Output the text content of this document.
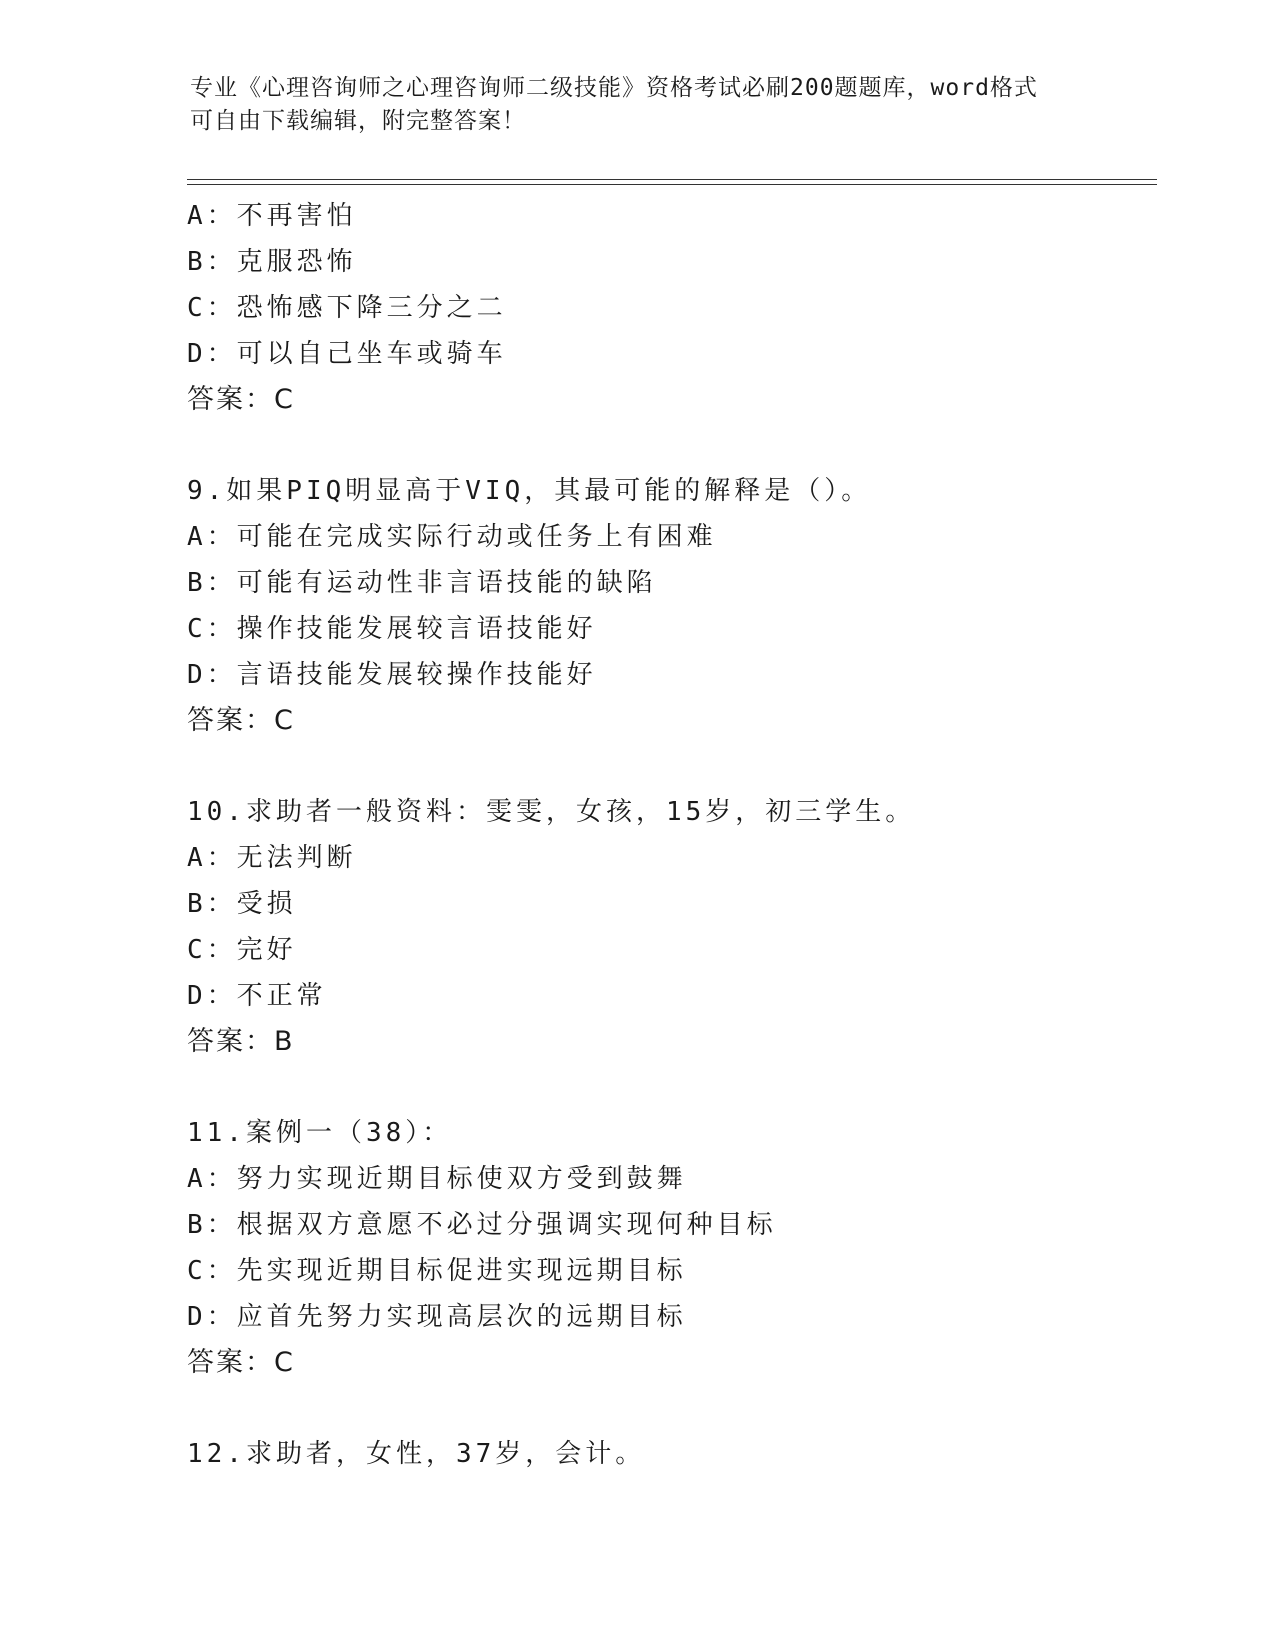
专业《心理咨询师之心理咨询师二级技能》资格考试必刷200题题库，word格式
可自由下载编辑，附完整答案！
A：不再害怕
B：克服恐怖
C：恐怖感下降三分之二
D：可以自己坐车或骑车
答案：C
9.如果PIQ明显高于VIQ，其最可能的解释是（）。
A：可能在完成实际行动或任务上有困难
B：可能有运动性非言语技能的缺陷
C：操作技能发展较言语技能好
D：言语技能发展较操作技能好
答案：C
10.求助者一般资料：雯雯，女孩，15岁，初三学生。
A：无法判断
B：受损
C：完好
D：不正常
答案：B
11.案例一（38）：
A：努力实现近期目标使双方受到鼓舞
B：根据双方意愿不必过分强调实现何种目标
C：先实现近期目标促进实现远期目标
D：应首先努力实现高层次的远期目标
答案：C
12.求助者，女性，37岁，会计。
